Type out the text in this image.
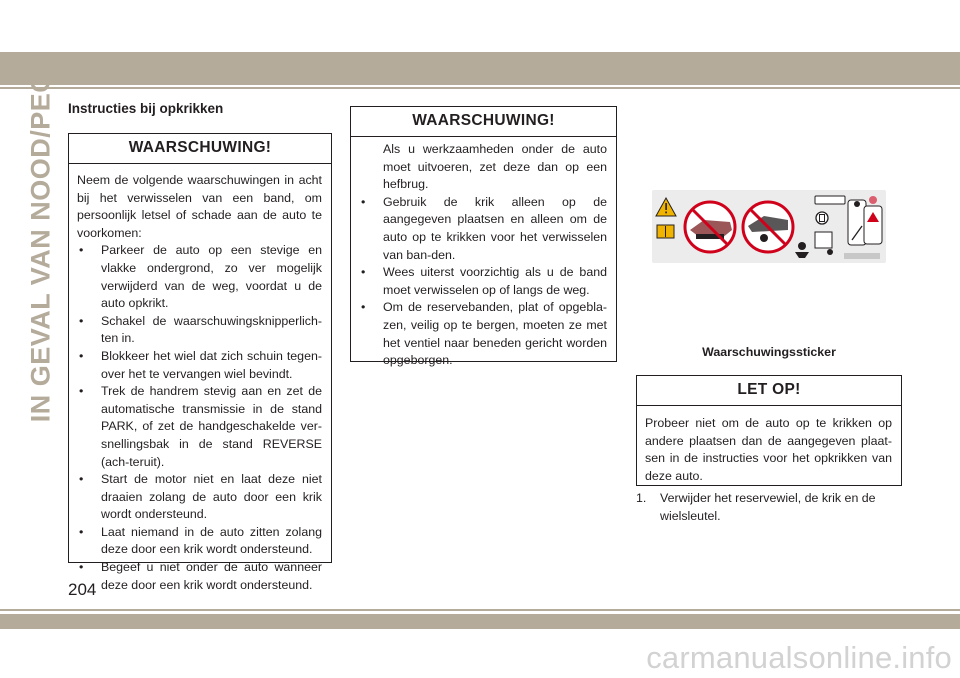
IN GEVAL VAN NOOD/PECH Instructies bij opkrikken
WAARSCHUWING!

Neem de volgende waarschuwingen in acht bij het verwisselen van een band, om persoonlijk letsel of schade aan de auto te voorkomen:

• Parkeer de auto op een stevige en vlakke ondergrond, zo ver mogelijk verwijderd van de weg, voordat u de auto opkrikt.
• Schakel de waarschuwingsknipperlich-ten in.
• Blokkeer het wiel dat zich schuin tegen-over het te vervangen wiel bevindt.
• Trek de handrem stevig aan en zet de automatische transmissie in de stand PARK, of zet de handgeschakelde ver-snellingsbak in de stand REVERSE (ach-teruit).
• Start de motor niet en laat deze niet draaien zolang de auto door een krik wordt ondersteund.
• Laat niemand in de auto zitten zolang deze door een krik wordt ondersteund.
• Begeef u niet onder de auto wanneer deze door een krik wordt ondersteund.
WAARSCHUWING!
Als u werkzaamheden onder de auto moet uitvoeren, zet deze dan op een hefbrug.
• Gebruik de krik alleen op de aangegeven plaatsen en alleen om de auto op te krikken voor het verwisselen van ban-den.
• Wees uiterst voorzichtig als u de band moet verwisselen op of langs de weg.
• Om de reservebanden, plat of opgebla-zen, veilig op te bergen, moeten ze met het ventiel naar beneden gericht worden opgeborgen.
Waarschuwingssticker
LET OP!

Probeer niet om de auto op te krikken op andere plaatsen dan de aangegeven plaat-sen in de instructies voor het opkrikken van deze auto.

1. Verwijder het reservewiel, de krik en de
wielsleutel.
204
carmanualsonline.info
